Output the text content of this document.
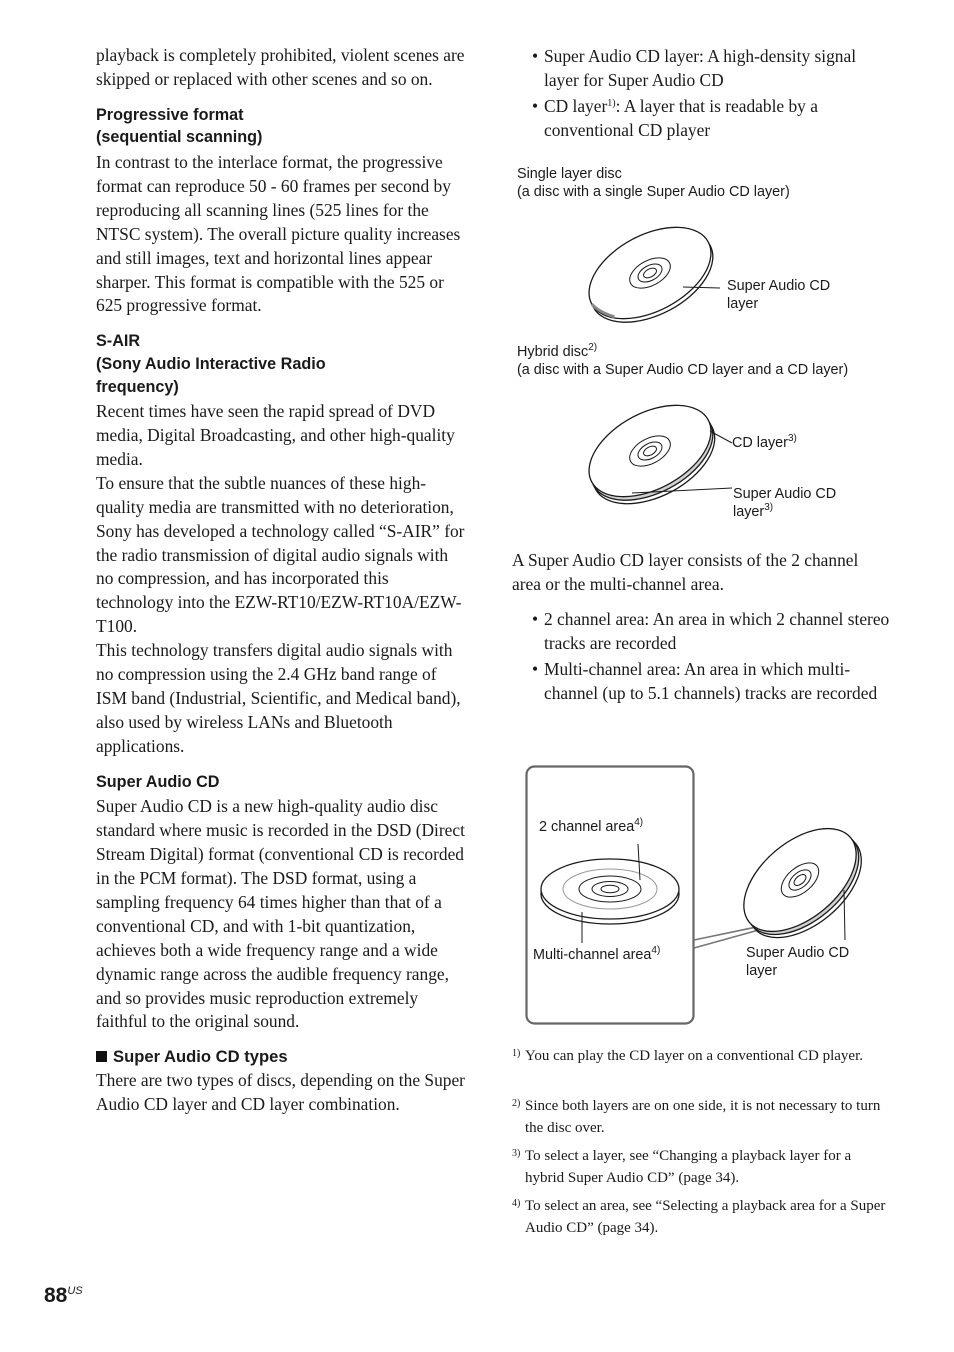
playback is completely prohibited, violent scenes are skipped or replaced with other scenes and so on.

Progressive format
(sequential scanning)

In contrast to the interlace format, the progressive format can reproduce 50 - 60 frames per second by reproducing all scanning lines (525 lines for the NTSC system). The overall picture quality increases and still images, text and horizontal lines appear sharper. This format is compatible with the 525 or 625 progressive format.

S-AIR
(Sony Audio Interactive Radio
frequency)

Recent times have seen the rapid spread of DVD media, Digital Broadcasting, and other high-quality media.

To ensure that the subtle nuances of these high-quality media are transmitted with no deterioration, Sony has developed a technology called “S-AIR” for the radio transmission of digital audio signals with no compression, and has incorporated this technology into the EZW-RT10/EZW-RT10A/EZW-T100.

This technology transfers digital audio signals with no compression using the 2.4 GHz band range of ISM band (Industrial, Scientific, and Medical band), also used by wireless LANs and Bluetooth applications.

Super Audio CD

Super Audio CD is a new high-quality audio disc standard where music is recorded in the DSD (Direct Stream Digital) format (conventional CD is recorded in the PCM format). The DSD format, using a sampling frequency 64 times higher than that of a conventional CD, and with 1-bit quantization, achieves both a wide frequency range and a wide dynamic range across the audible frequency range, and so provides music reproduction extremely faithful to the original sound.

Super Audio CD types

There are two types of discs, depending on the Super Audio CD layer and CD layer combination.

• Super Audio CD layer: A high-density signal layer for Super Audio CD
• CD layer$^{1)}$: A layer that is readable by a conventional CD player
Single layer disc
(a disc with a single Super Audio CD layer)
Super Audio CD
layer
Hybrid disc$^{2)}$
(a disc with a Super Audio CD layer and a CD layer)
CD layer$^{3)}$
Super Audio CD
layer$^{3)}$

A Super Audio CD layer consists of the 2 channel area or the multi-channel area.

• 2 channel area: An area in which 2 channel stereo tracks are recorded
• Multi-channel area: An area in which multi-channel (up to 5.1 channels) tracks are recorded
2 channel area$^{4)}$
Multi-channel area$^{4)}$	Super Audio CD
layer
1) You can play the CD layer on a conventional CD player.
2) Since both layers are on one side, it is not necessary to turn the disc over.
3) To select a layer, see “Changing a playback layer for a hybrid Super Audio CD” (page 34).
4) To select an area, see “Selecting a playback area for a Super Audio CD” (page 34).
$88^{US}$
